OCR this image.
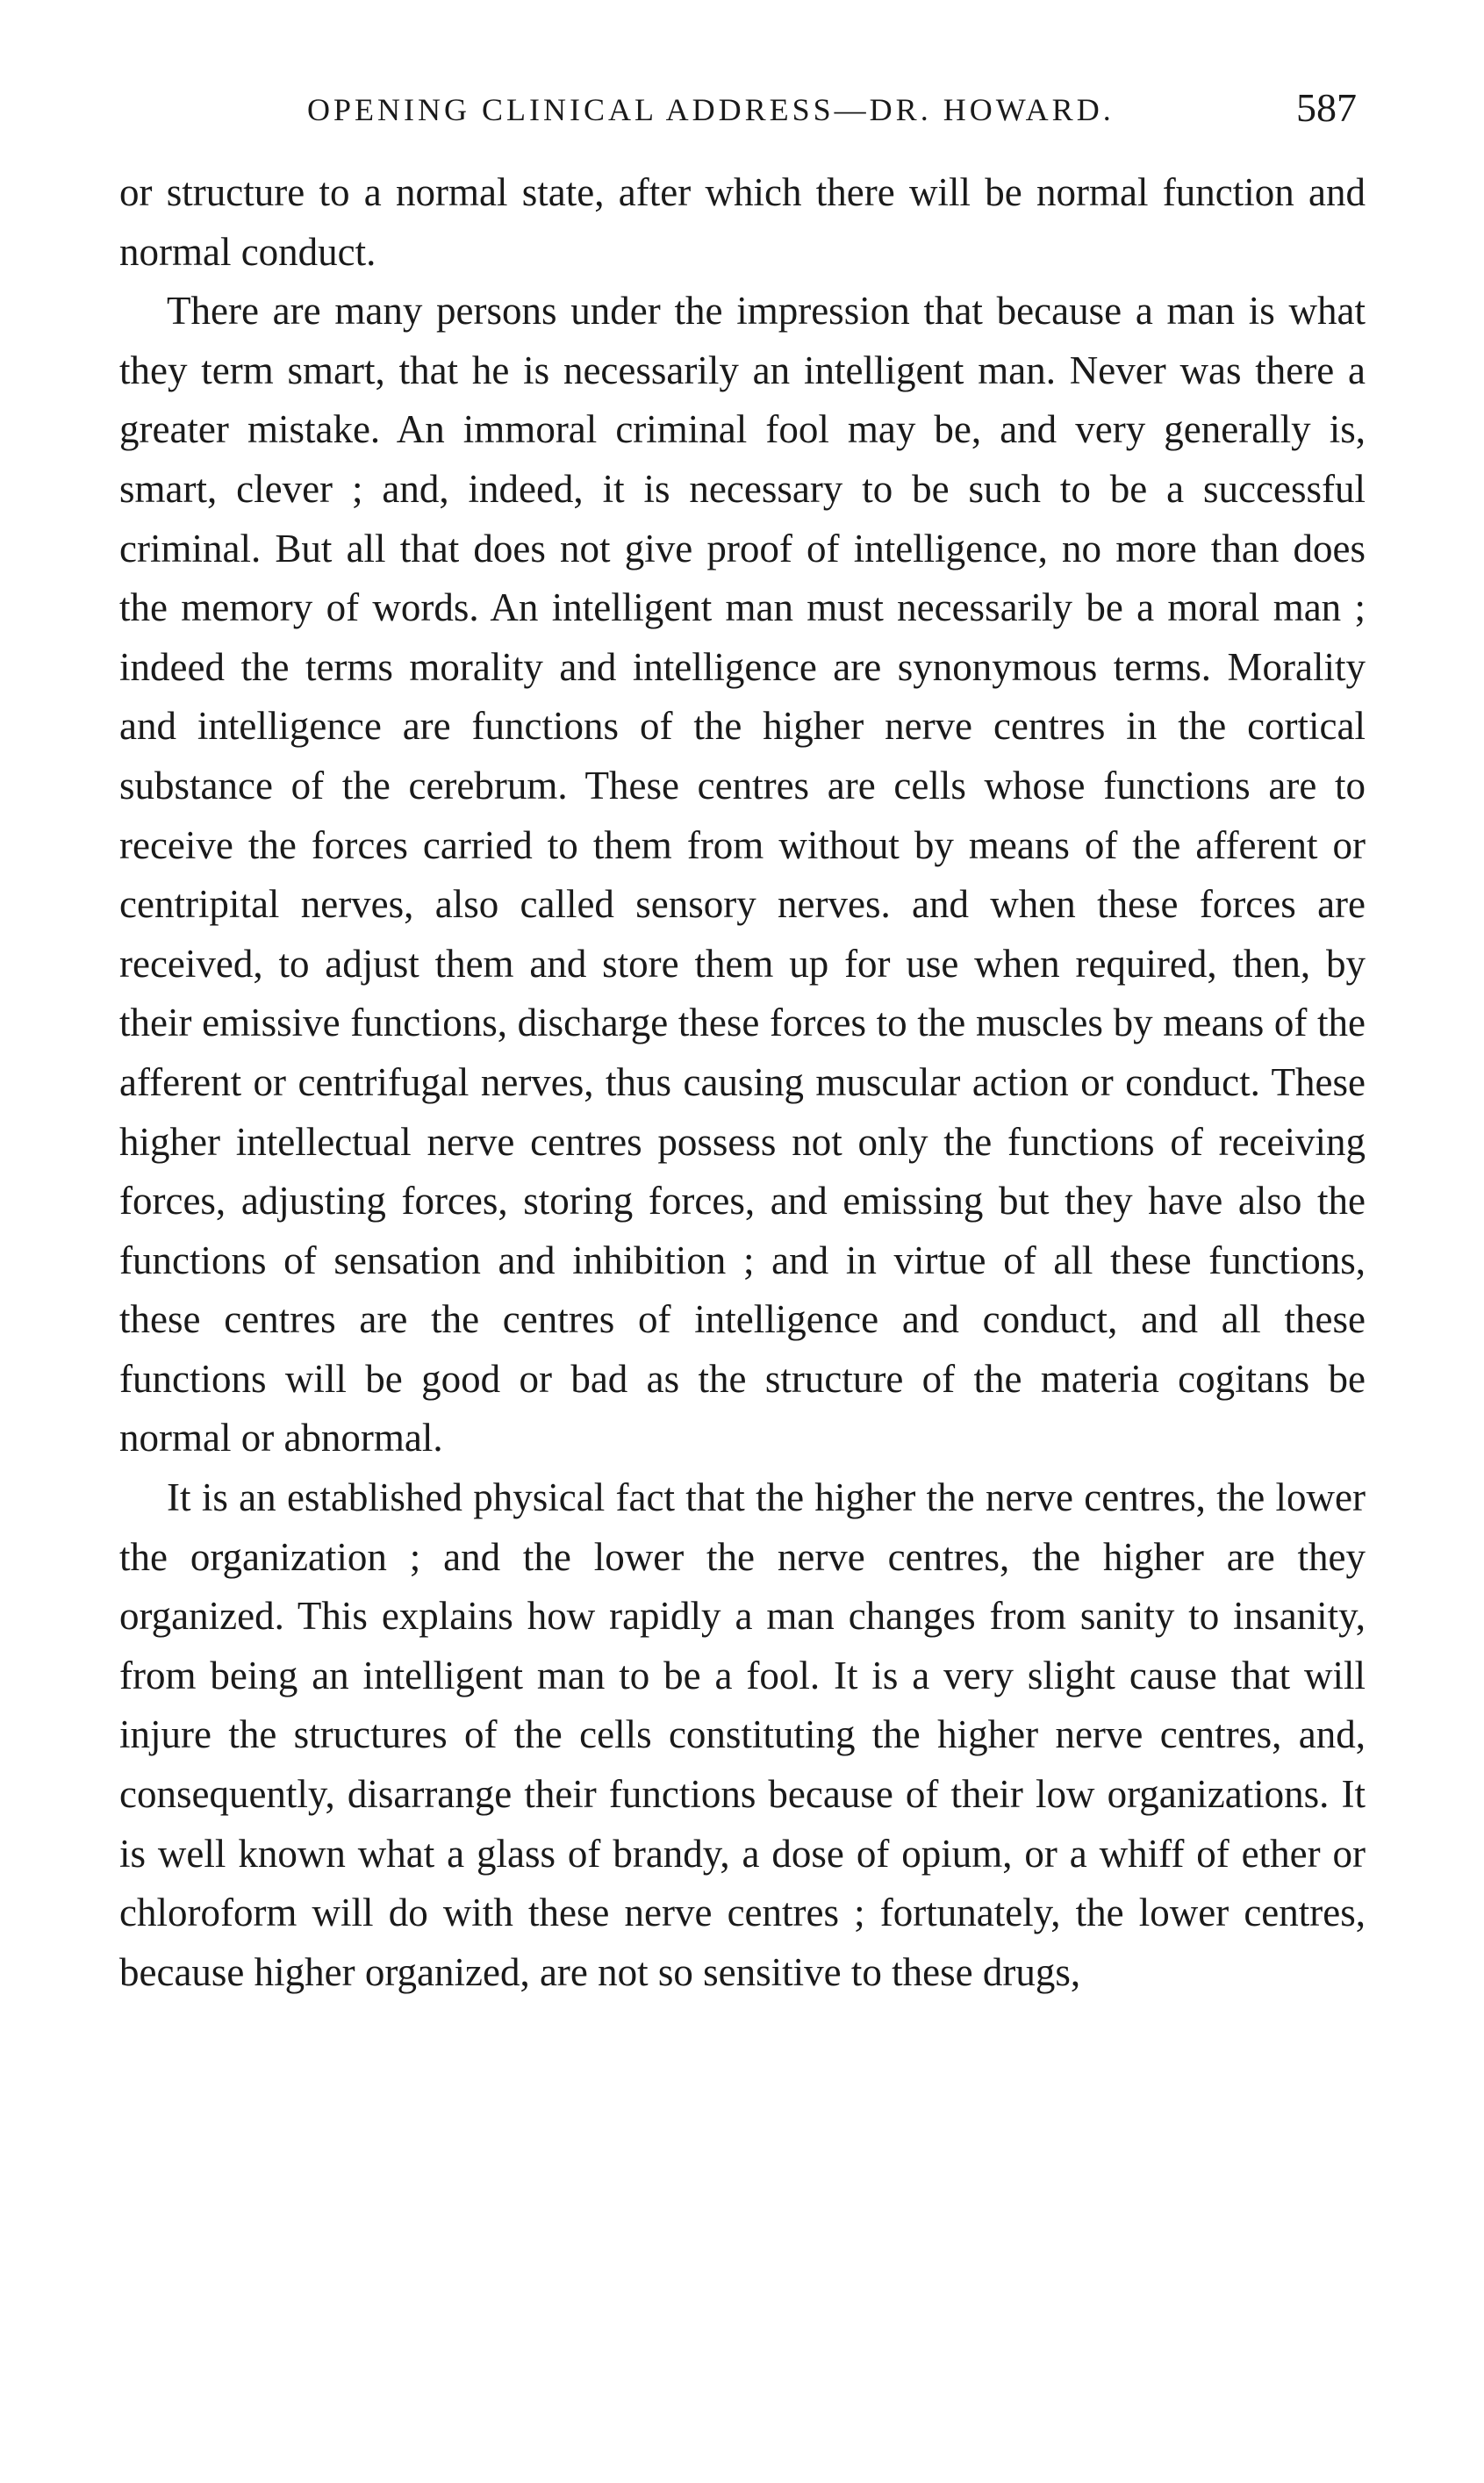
OPENING CLINICAL ADDRESS—DR. HOWARD.	587

or structure to a normal state, after which there will be normal function and normal conduct.

There are many persons under the impression that because a man is what they term smart, that he is necessarily an intelligent man. Never was there a greater mistake. An immoral criminal fool may be, and very generally is, smart, clever ; and, indeed, it is necessary to be such to be a successful criminal. But all that does not give proof of intelligence, no more than does the memory of words. An intelligent man must necessarily be a moral man ; indeed the terms morality and intelligence are synonymous terms. Morality and intelligence are functions of the higher nerve centres in the cortical substance of the cerebrum. These centres are cells whose functions are to receive the forces carried to them from without by means of the afferent or centripital nerves, also called sensory nerves. and when these forces are received, to adjust them and store them up for use when required, then, by their emissive functions, discharge these forces to the muscles by means of the afferent or centrifugal nerves, thus causing muscular action or conduct. These higher intellectual nerve centres possess not only the functions of receiving forces, adjusting forces, storing forces, and emissing but they have also the functions of sensation and inhibition ; and in virtue of all these functions, these centres are the centres of intelligence and conduct, and all these functions will be good or bad as the structure of the materia cogitans be normal or abnormal.

It is an established physical fact that the higher the nerve centres, the lower the organization ; and the lower the nerve centres, the higher are they organized. This explains how rapidly a man changes from sanity to insanity, from being an intelligent man to be a fool. It is a very slight cause that will injure the structures of the cells constituting the higher nerve centres, and, consequently, disarrange their functions because of their low organizations. It is well known what a glass of brandy, a dose of opium, or a whiff of ether or chloroform will do with these nerve centres ; fortunately, the lower centres, because higher organized, are not so sensitive to these drugs,
